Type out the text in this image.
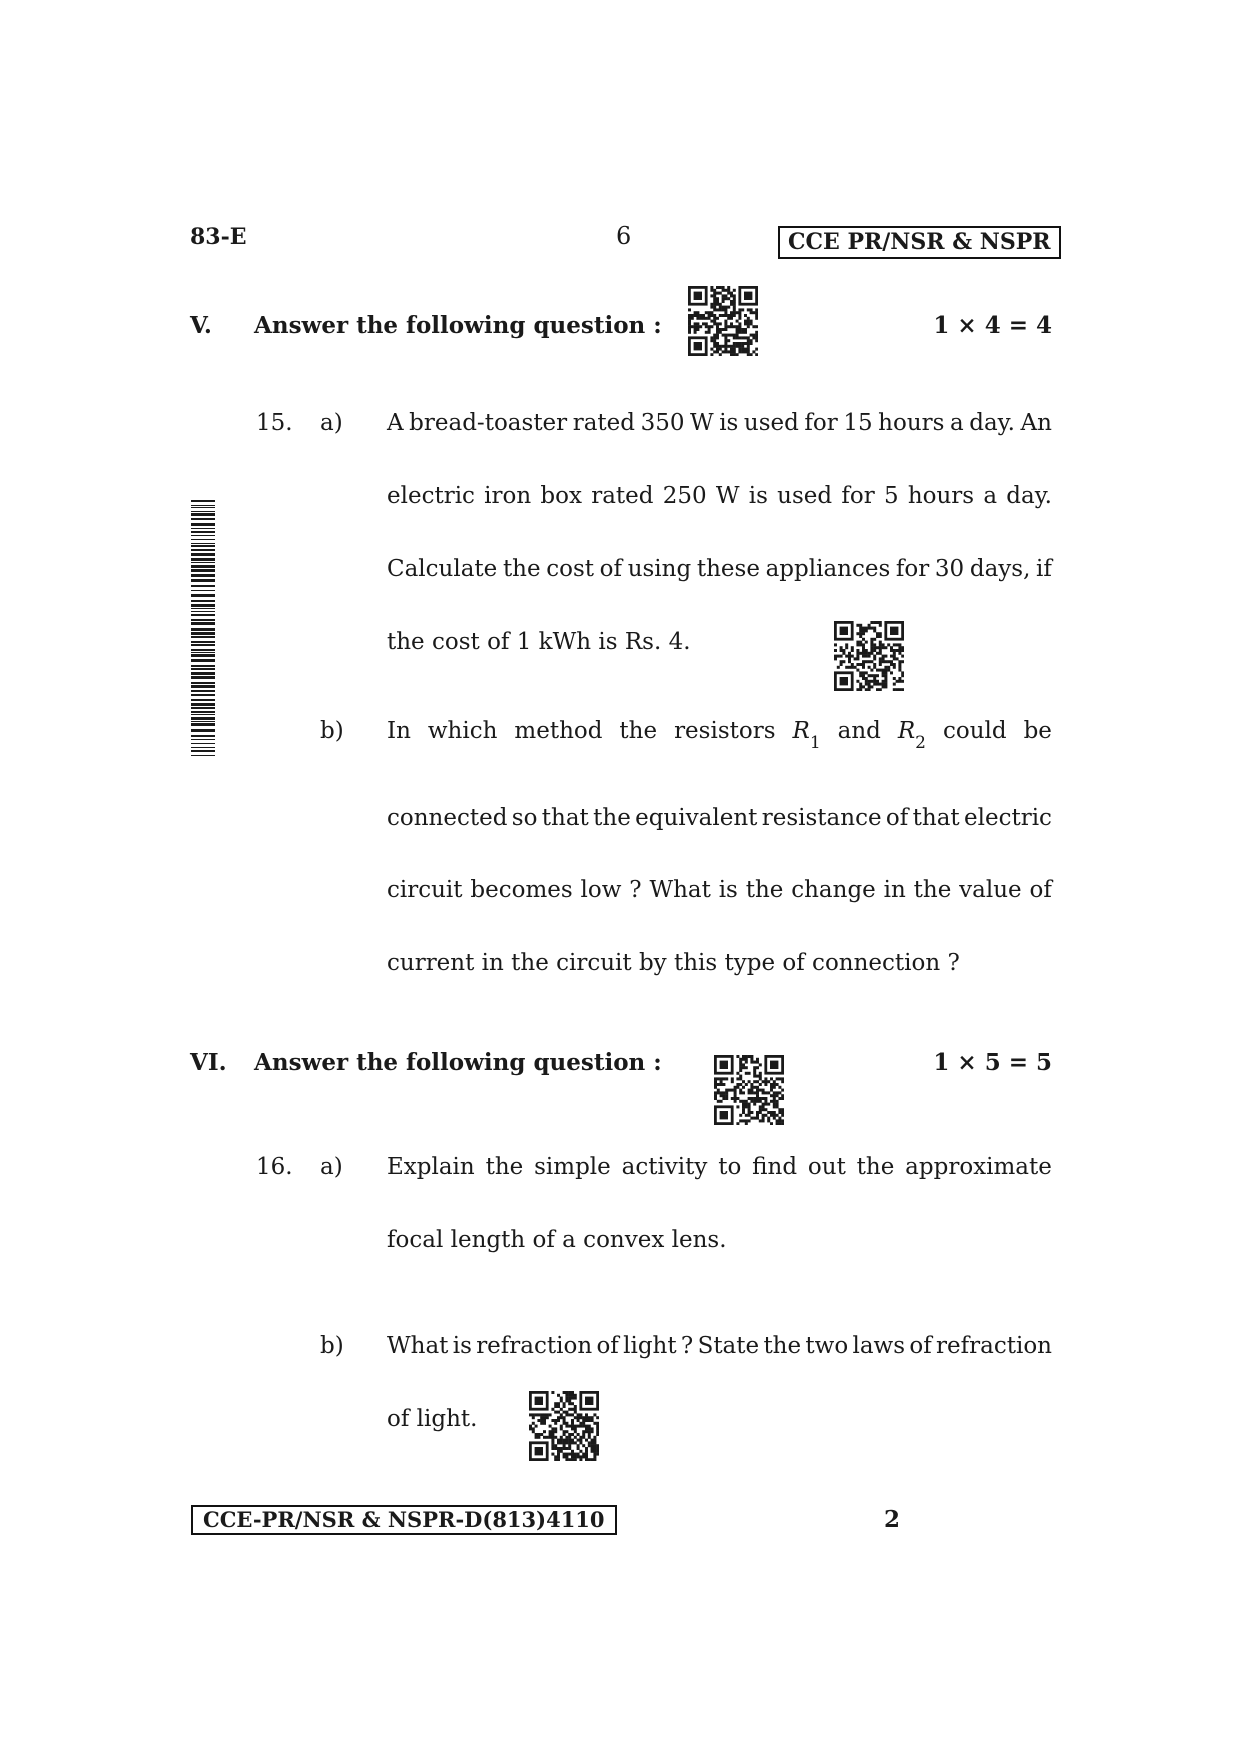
83-E	6	CCE PR/NSR & NSPR
V. Answer the following question :	1 × 4 = 4
15. a) A bread-toaster rated 350 W is used for 15 hours a day. An
electric iron box rated 250 W is used for 5 hours a day.
Calculate the cost of using these appliances for 30 days, if
the cost of 1 kWh is Rs. 4.
b) In which method the resistors $R_1$ and $R_2$ could be
connected so that the equivalent resistance of that electric
circuit becomes low ? What is the change in the value of
current in the circuit by this type of connection ?
VI. Answer the following question :	1 × 5 = 5
16. a) Explain the simple activity to find out the approximate
focal length of a convex lens.
b) What is refraction of light ? State the two laws of refraction
of light.
CCE-PR/NSR & NSPR-D(813)4110	2
